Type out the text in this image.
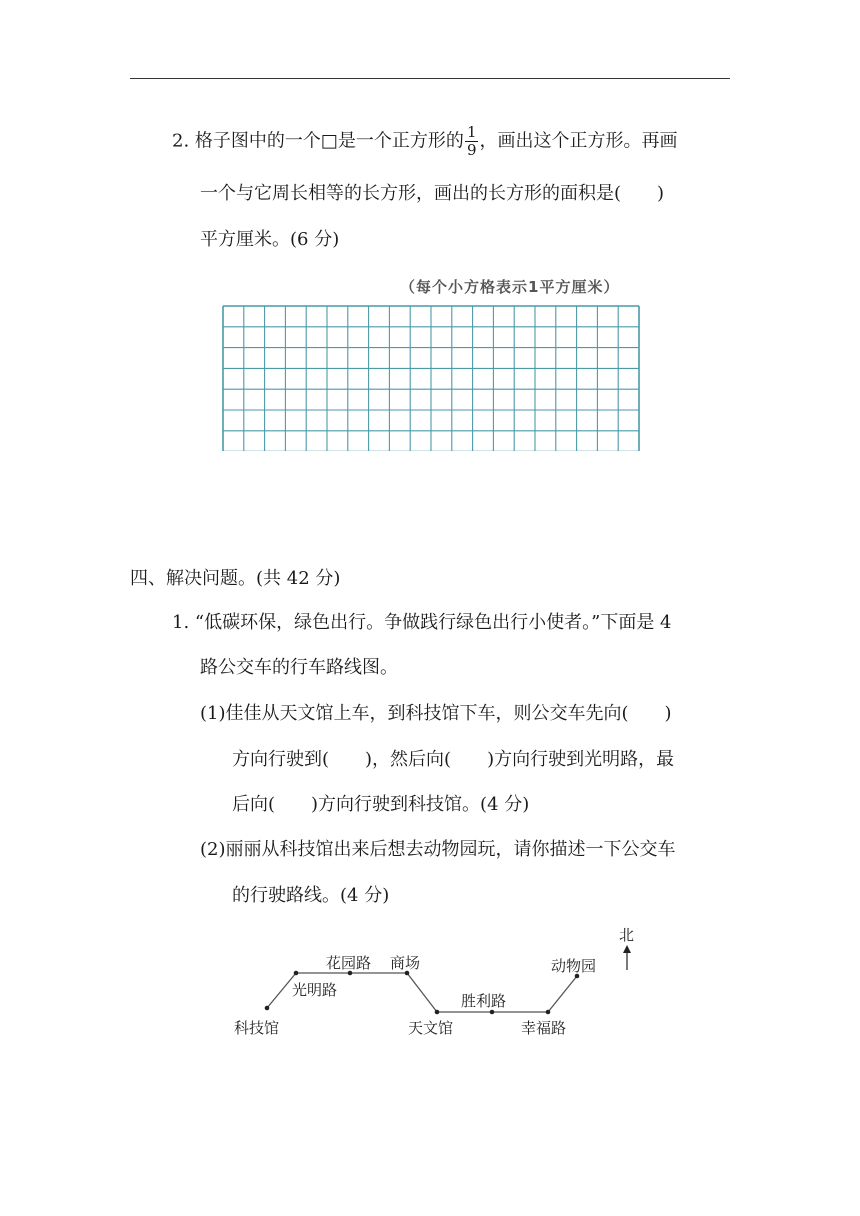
2. 格子图中的一个□是一个正方形的 $\frac{1}{9}$ ，画出这个正方形。再画
一个与它周长相等的长方形，画出的长方形的面积是(　　)
平方厘米。(6 分)
（每个小方格表示1平方厘米）
四、解决问题。(共 42 分)
1. “低碳环保，绿色出行。争做践行绿色出行小使者。”下面是 4
路公交车的行车路线图。
(1)佳佳从天文馆上车，到科技馆下车，则公交车先向(　　)
方向行驶到(　　)，然后向(　　)方向行驶到光明路，最
后向(　　)方向行驶到科技馆。(4 分)
(2)丽丽从科技馆出来后想去动物园玩，请你描述一下公交车
的行驶路线。(4 分)
科技馆
光明路
花园路 商场
天文馆
胜利路
幸福路
动物园
北
